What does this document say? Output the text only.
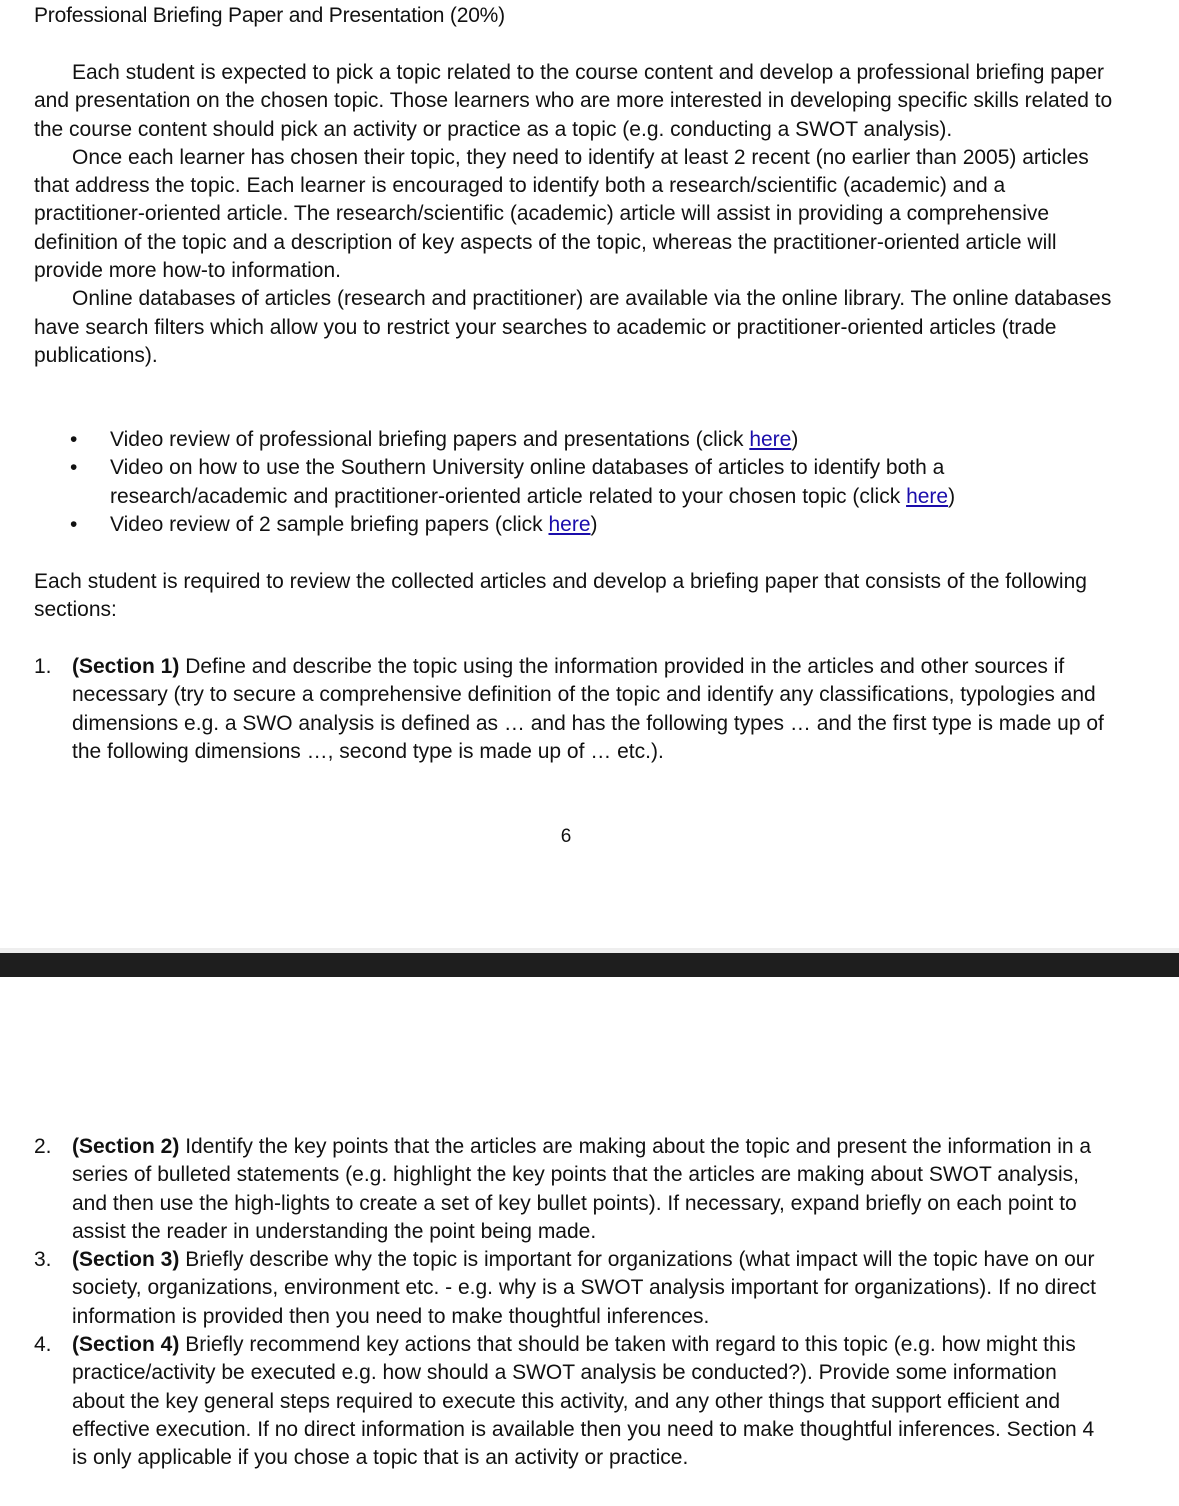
Professional Briefing Paper and Presentation (20%)

Each student is expected to pick a topic related to the course content and develop a professional briefing paper and presentation on the chosen topic. Those learners who are more interested in developing specific skills related to the course content should pick an activity or practice as a topic (e.g. conducting a SWOT analysis).

Once each learner has chosen their topic, they need to identify at least 2 recent (no earlier than 2005) articles that address the topic. Each learner is encouraged to identify both a research/scientific (academic) and a practitioner-oriented article. The research/scientific (academic) article will assist in providing a comprehensive definition of the topic and a description of key aspects of the topic, whereas the practitioner-oriented article will provide more how-to information.

Online databases of articles (research and practitioner) are available via the online library. The online databases have search filters which allow you to restrict your searches to academic or practitioner-oriented articles (trade publications).

• Video review of professional briefing papers and presentations (click here)
• Video on how to use the Southern University online databases of articles to identify both a research/academic and practitioner-oriented article related to your chosen topic (click here)
• Video review of 2 sample briefing papers (click here)

Each student is required to review the collected articles and develop a briefing paper that consists of the following sections:

1. (Section 1) Define and describe the topic using the information provided in the articles and other sources if necessary (try to secure a comprehensive definition of the topic and identify any classifications, typologies and dimensions e.g. a SWO analysis is defined as … and has the following types … and the first type is made up of the following dimensions …, second type is made up of … etc.).
6
2. (Section 2) Identify the key points that the articles are making about the topic and present the information in a series of bulleted statements (e.g. highlight the key points that the articles are making about SWOT analysis, and then use the high-lights to create a set of key bullet points). If necessary, expand briefly on each point to assist the reader in understanding the point being made.
3. (Section 3) Briefly describe why the topic is important for organizations (what impact will the topic have on our society, organizations, environment etc. - e.g. why is a SWOT analysis important for organizations). If no direct information is provided then you need to make thoughtful inferences.
4. (Section 4) Briefly recommend key actions that should be taken with regard to this topic (e.g. how might this practice/activity be executed e.g. how should a SWOT analysis be conducted?). Provide some information about the key general steps required to execute this activity, and any other things that support efficient and effective execution. If no direct information is available then you need to make thoughtful inferences. Section 4 is only applicable if you chose a topic that is an activity or practice.
